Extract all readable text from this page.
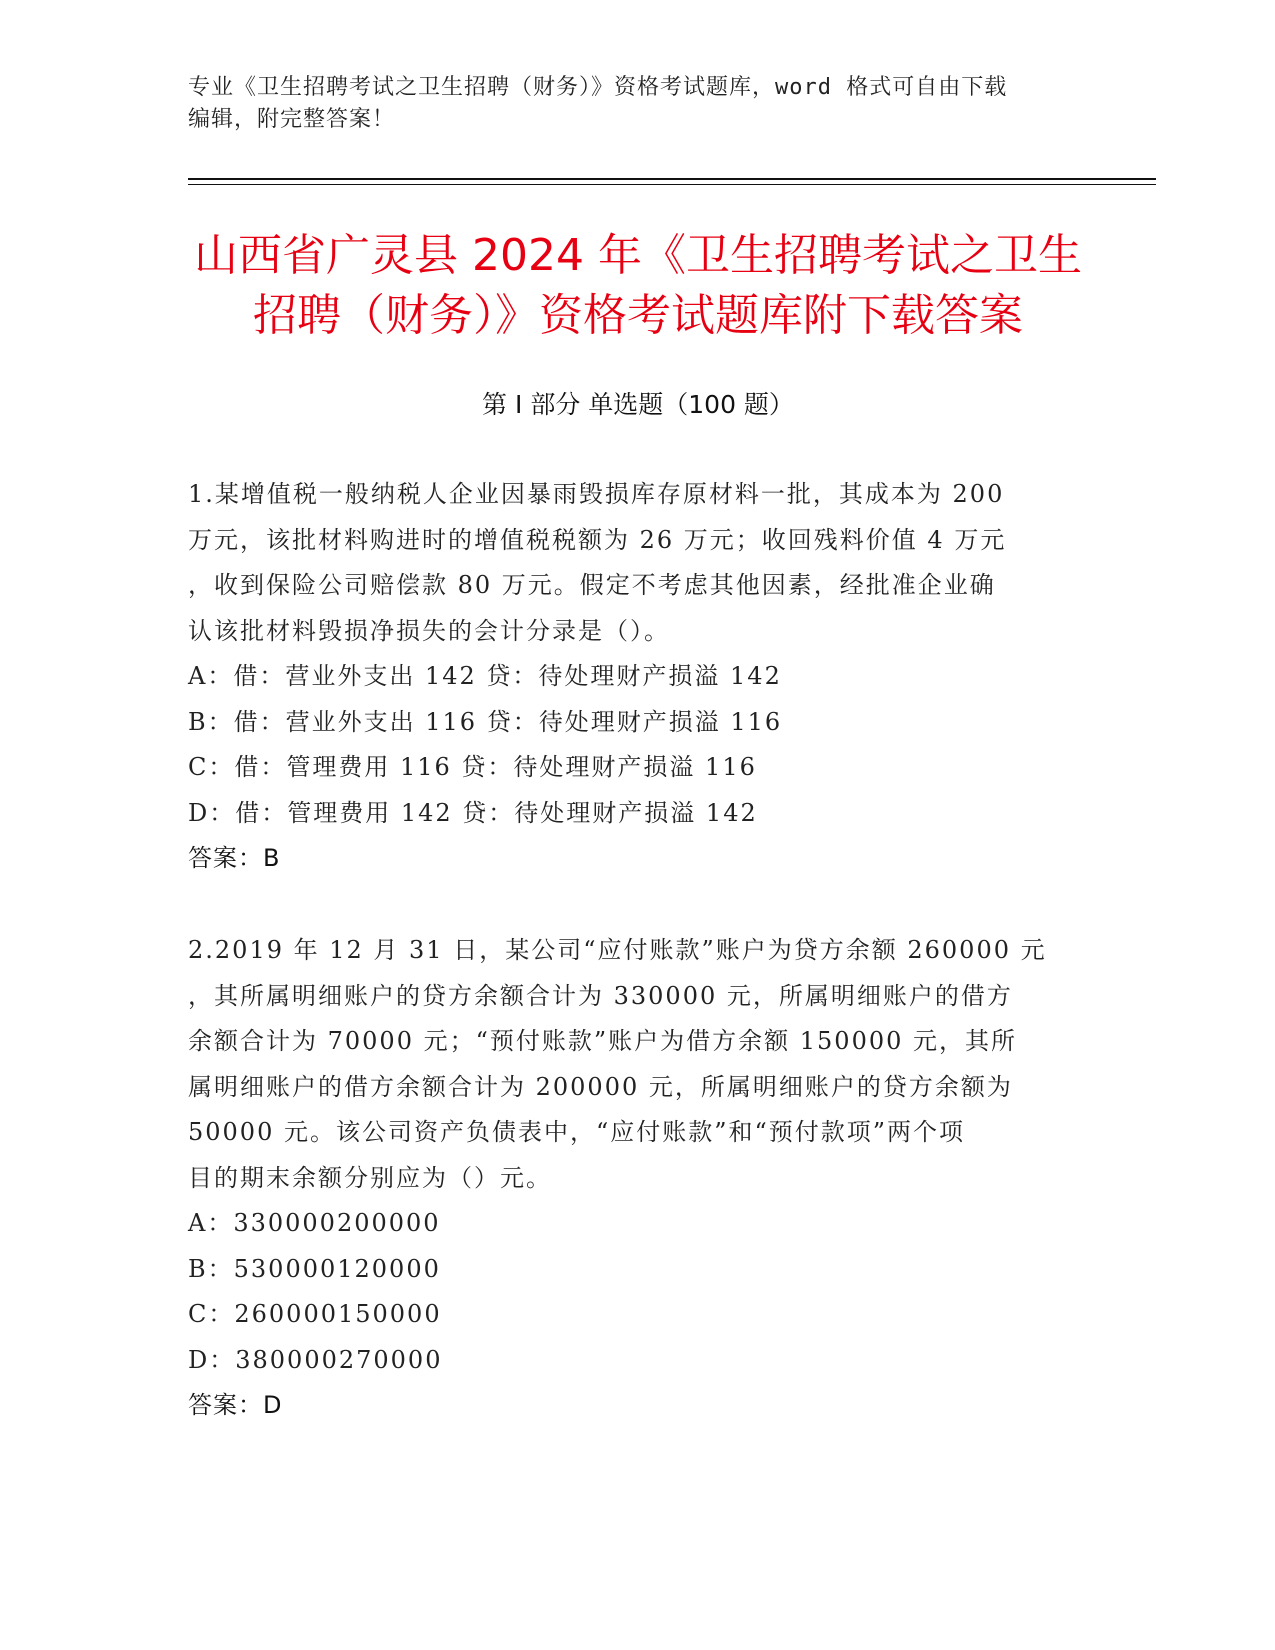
专业《卫生招聘考试之卫生招聘（财务）》资格考试题库，word 格式可自由下载

编辑，附完整答案！

山西省广灵县 2024 年《卫生招聘考试之卫生
招聘（财务）》资格考试题库附下载答案
第 I 部分 单选题（100 题）

1.某增值税一般纳税人企业因暴雨毁损库存原材料一批，其成本为 200

万元，该批材料购进时的增值税税额为 26 万元；收回残料价值 4 万元

，收到保险公司赔偿款 80 万元。假定不考虑其他因素，经批准企业确

认该批材料毁损净损失的会计分录是（）。

A：借：营业外支出 142 贷：待处理财产损溢 142

B：借：营业外支出 116 贷：待处理财产损溢 116

C：借：管理费用 116 贷：待处理财产损溢 116

D：借：管理费用 142 贷：待处理财产损溢 142

答案：B

2.2019 年 12 月 31 日，某公司“应付账款”账户为贷方余额 260000 元

，其所属明细账户的贷方余额合计为 330000 元，所属明细账户的借方

余额合计为 70000 元；“预付账款”账户为借方余额 150000 元，其所

属明细账户的借方余额合计为 200000 元，所属明细账户的贷方余额为

50000 元。该公司资产负债表中，“应付账款”和“预付款项”两个项

目的期末余额分别应为（）元。

A：330000200000

B：530000120000

C：260000150000

D：380000270000

答案：D
